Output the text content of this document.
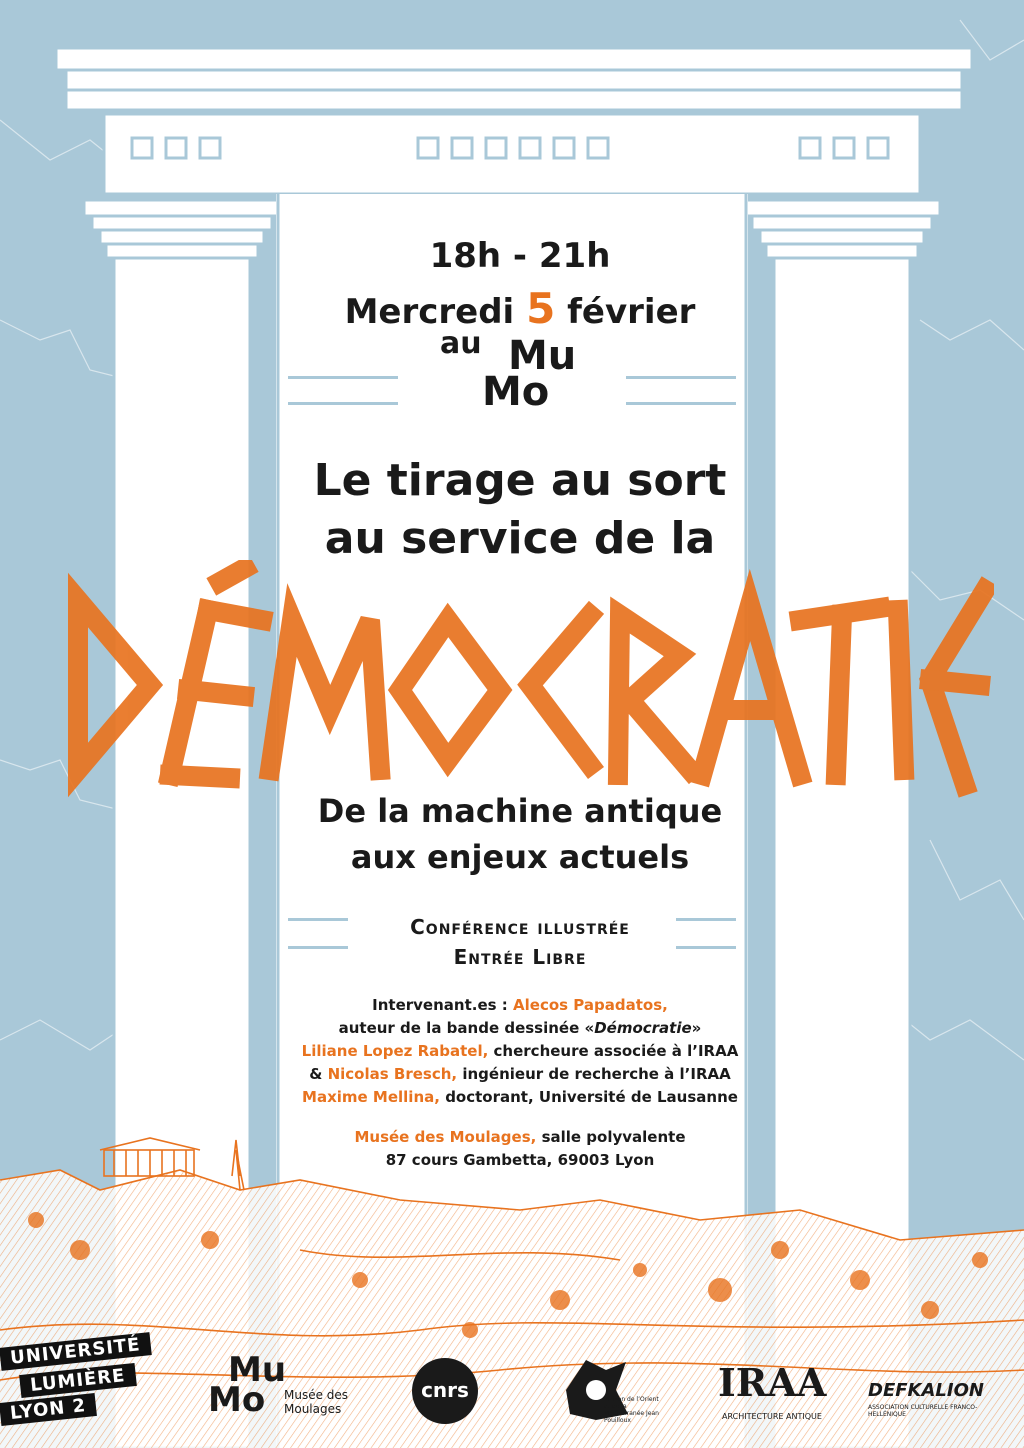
18h - 21h
Mercredi 5 février
au Mu
Mo
Le tirage au sort
au service de la
De la machine antique
aux enjeux actuels
Conférence illustrée
Entrée Libre
Intervenant.es : Alecos Papadatos,
auteur de la bande dessinée «Démocratie»
Liliane Lopez Rabatel, chercheure associée à l’IRAA
& Nicolas Bresch, ingénieur de recherche à l’IRAA
Maxime Mellina, doctorant, Université de Lausanne
Musée des Moulages, salle polyvalente
87 cours Gambetta, 69003 Lyon
UNIVERSITÉ
LUMIÈRE
LYON 2
Mu
Mo	Musée des
Moulages
cnrs	Maison de l’Orient et de la Méditerranée Jean Pouilloux
IRAA
ARCHITECTURE ANTIQUE
DEFKALION
ASSOCIATION CULTURELLE FRANCO-HELLÉNIQUE
